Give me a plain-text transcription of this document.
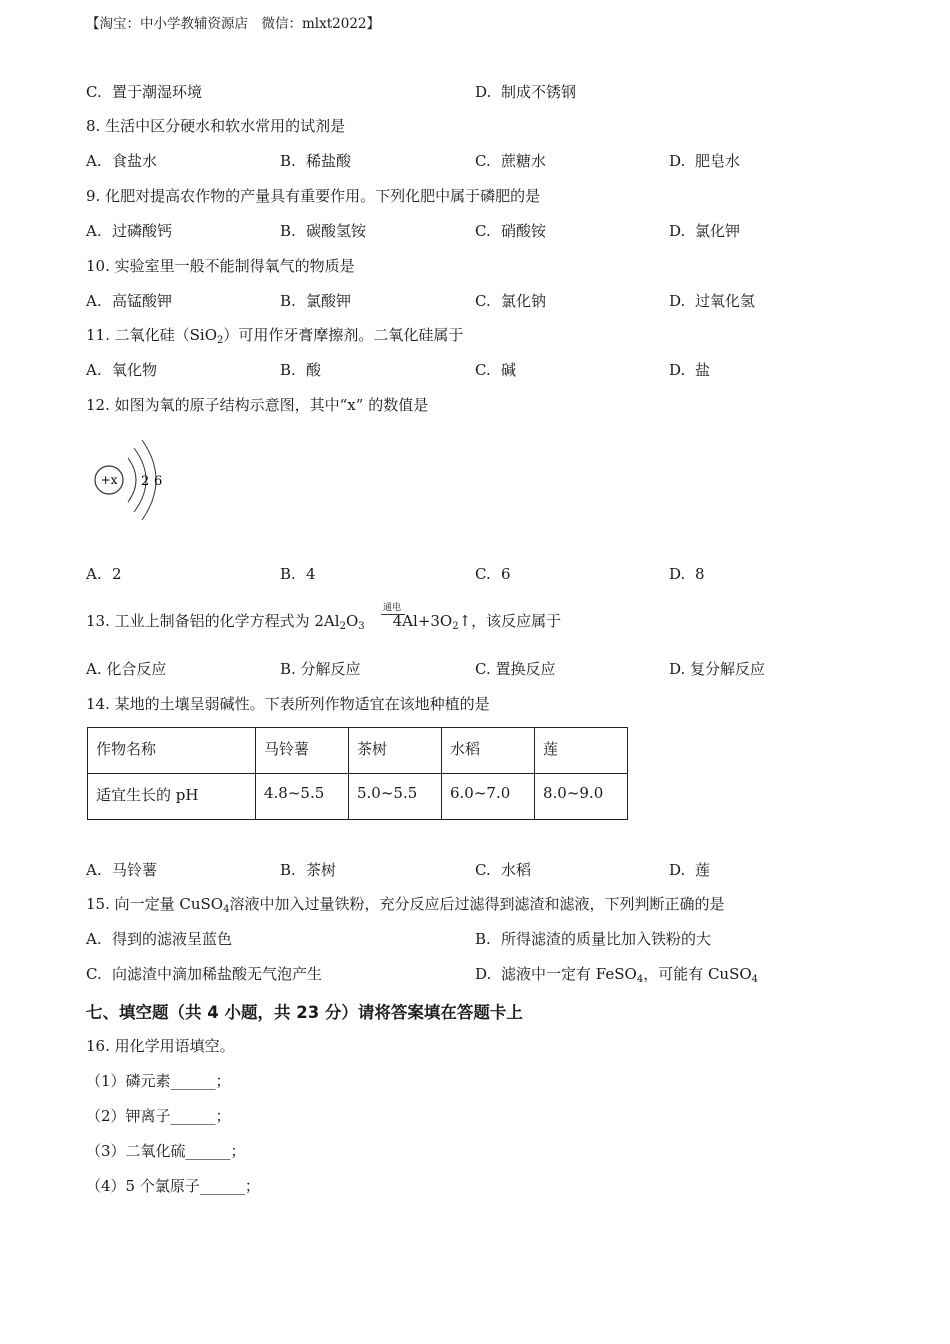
【淘宝：中小学教辅资源店　微信：mlxt2022】
C. 置于潮湿环境	D. 制成不锈钢
8. 生活中区分硬水和软水常用的试剂是
A. 食盐水	B. 稀盐酸	C. 蔗糖水	D. 肥皂水
9. 化肥对提高农作物的产量具有重要作用。下列化肥中属于磷肥的是
A. 过磷酸钙	B. 碳酸氢铵	C. 硝酸铵	D. 氯化钾
10. 实验室里一般不能制得氧气的物质是
A. 高锰酸钾	B. 氯酸钾	C. 氯化钠	D. 过氧化氢
11. 二氧化硅（SiO$_2$）可用作牙膏摩擦剂。二氧化硅属于
A. 氧化物	B. 酸	C. 碱	D. 盐
12. 如图为氧的原子结构示意图，其中“x” 的数值是
+x 2 6
A. 2	B. 4	C. 6	D. 8
13. 工业上制备铝的化学方程式为 $2Al_2O_3$ $4Al+3O_2↑$，该反应属于
通电
A. 化合反应	B. 分解反应	C. 置换反应	D. 复分解反应
14. 某地的土壤呈弱碱性。下表所列作物适宜在该地种植的是
作物名称	马铃薯	茶树	水稻	莲
适宜生长的 pH	4.8~5.5	5.0~5.5	6.0~7.0	8.0~9.0
A. 马铃薯	B. 茶树	C. 水稻	D. 莲
15. 向一定量 CuSO$_4$溶液中加入过量铁粉，充分反应后过滤得到滤渣和滤液，下列判断正确的是
A. 得到的滤液呈蓝色	B. 所得滤渣的质量比加入铁粉的大
C. 向滤渣中滴加稀盐酸无气泡产生	D. 滤液中一定有 FeSO$_4$，可能有 CuSO$_4$
七、填空题（共 4 小题，共 23 分）请将答案填在答题卡上
16. 用化学用语填空。
（1）磷元素______；
（2）钾离子______；
（3）二氧化硫______；
（4）5 个氯原子______；
